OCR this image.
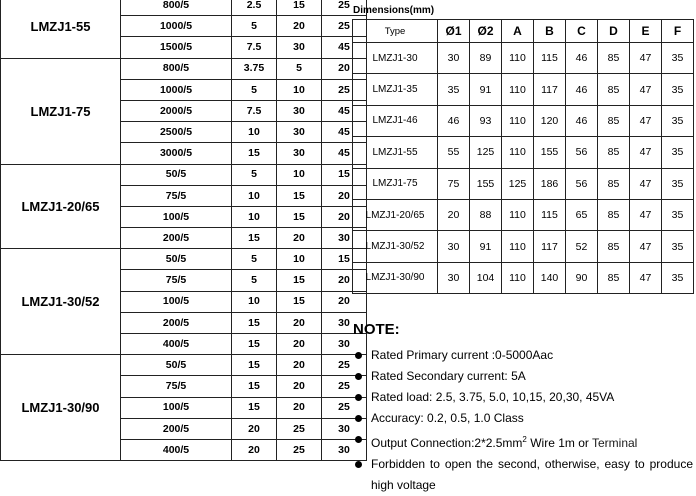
LMZJ1-55	800/5	2.5	15	25
	1000/5	5	20	25
	1500/5	7.5	30	45
LMZJ1-75	800/5	3.75	5	20
	1000/5	5	10	25
	2000/5	7.5	30	45
	2500/5	10	30	45
	3000/5	15	30	45
LMZJ1-20/65	50/5	5	10	15
	75/5	10	15	20
	100/5	10	15	20
	200/5	15	20	30
LMZJ1-30/52	50/5	5	10	15
	75/5	5	15	20
	100/5	10	15	20
	200/5	15	20	30
	400/5	15	20	30
LMZJ1-30/90	50/5	15	20	25
	75/5	15	20	25
	100/5	15	20	25
	200/5	20	25	30
	400/5	20	25	30
Dimensions(mm)
Type	Ø1	Ø2	A	B	C	D	E	F
LMZJ1-30	30	89	110	115	46	85	47	35
LMZJ1-35	35	91	110	117	46	85	47	35
LMZJ1-46	46	93	110	120	46	85	47	35
LMZJ1-55	55	125	110	155	56	85	47	35
LMZJ1-75	75	155	125	186	56	85	47	35
LMZJ1-20/65	20	88	110	115	65	85	47	35
LMZJ1-30/52	30	91	110	117	52	85	47	35
LMZJ1-30/90	30	104	110	140	90	85	47	35
NOTE:
Rated Primary current :0-5000Aac
Rated Secondary current: 5A
Rated load: 2.5, 3.75, 5.0, 10,15, 20,30, 45VA
Accuracy: 0.2, 0.5, 1.0 Class
Output $Connection:2*2.5mm^2$ Wire 1m or Terminal
Forbidden to open the second, otherwise, easy to produce high voltage
